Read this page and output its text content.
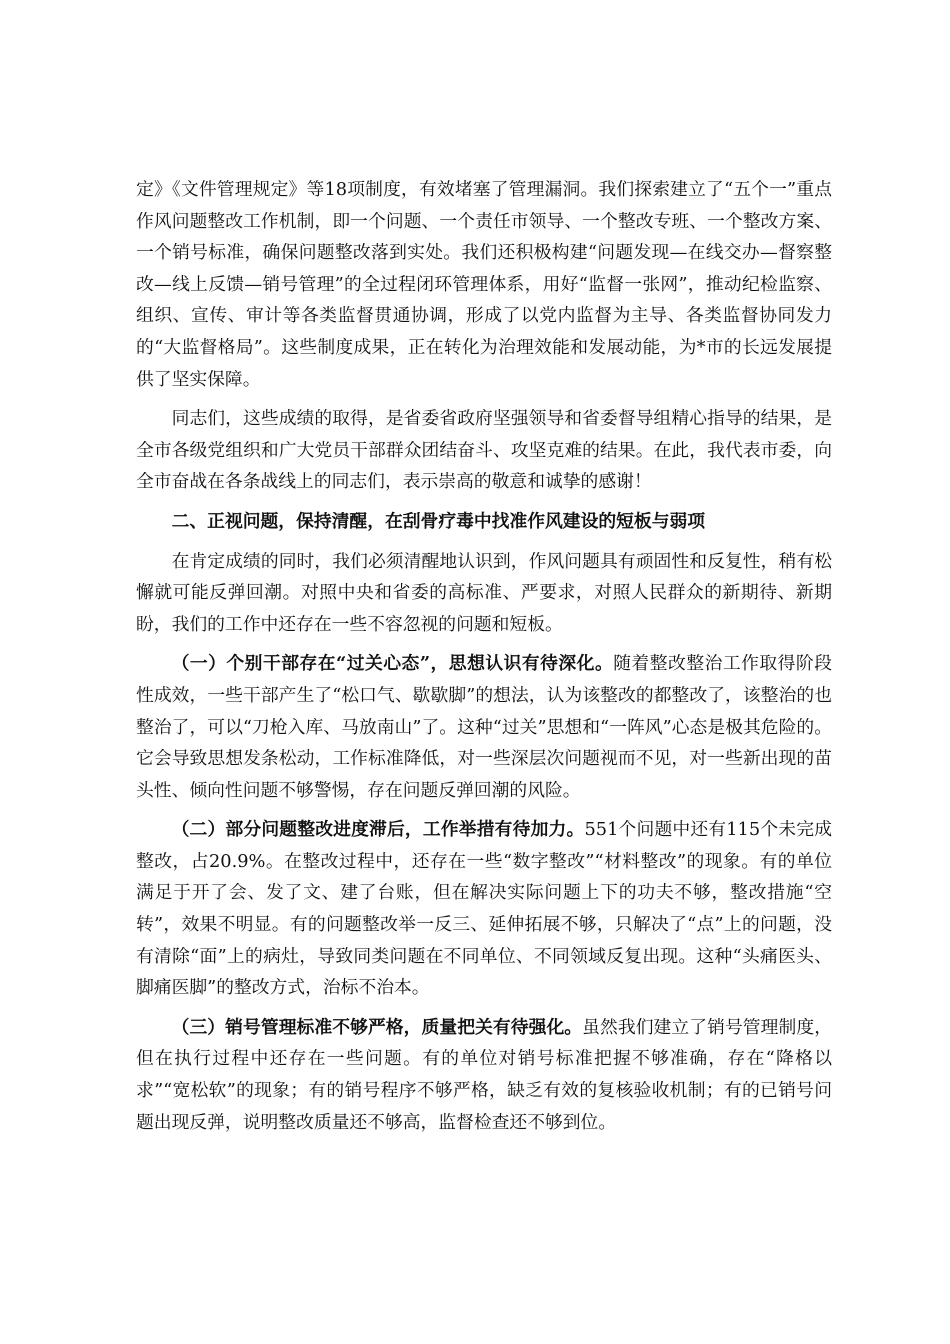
定》《文件管理规定》等18项制度，有效堵塞了管理漏洞。我们探索建立了“五个一”重点作风问题整改工作机制，即一个问题、一个责任市领导、一个整改专班、一个整改方案、一个销号标准，确保问题整改落到实处。我们还积极构建“问题发现—在线交办—督察整改—线上反馈—销号管理”的全过程闭环管理体系，用好“监督一张网”，推动纪检监察、组织、宣传、审计等各类监督贯通协调，形成了以党内监督为主导、各类监督协同发力的“大监督格局”。这些制度成果，正在转化为治理效能和发展动能，为*市的长远发展提供了坚实保障。

同志们，这些成绩的取得，是省委省政府坚强领导和省委督导组精心指导的结果，是全市各级党组织和广大党员干部群众团结奋斗、攻坚克难的结果。在此，我代表市委，向全市奋战在各条战线上的同志们，表示崇高的敬意和诚挚的感谢！

二、正视问题，保持清醒，在刮骨疗毒中找准作风建设的短板与弱项

在肯定成绩的同时，我们必须清醒地认识到，作风问题具有顽固性和反复性，稍有松懈就可能反弹回潮。对照中央和省委的高标准、严要求，对照人民群众的新期待、新期盼，我们的工作中还存在一些不容忽视的问题和短板。

（一）个别干部存在“过关心态”，思想认识有待深化。随着整改整治工作取得阶段性成效，一些干部产生了“松口气、歇歇脚”的想法，认为该整改的都整改了，该整治的也整治了，可以“刀枪入库、马放南山”了。这种“过关”思想和“一阵风”心态是极其危险的。它会导致思想发条松动，工作标准降低，对一些深层次问题视而不见，对一些新出现的苗头性、倾向性问题不够警惕，存在问题反弹回潮的风险。

（二）部分问题整改进度滞后，工作举措有待加力。551个问题中还有115个未完成整改，占20.9%。在整改过程中，还存在一些“数字整改”“材料整改”的现象。有的单位满足于开了会、发了文、建了台账，但在解决实际问题上下的功夫不够，整改措施“空转”，效果不明显。有的问题整改举一反三、延伸拓展不够，只解决了“点”上的问题，没有清除“面”上的病灶，导致同类问题在不同单位、不同领域反复出现。这种“头痛医头、脚痛医脚”的整改方式，治标不治本。

（三）销号管理标准不够严格，质量把关有待强化。虽然我们建立了销号管理制度，但在执行过程中还存在一些问题。有的单位对销号标准把握不够准确，存在“降格以求”“宽松软”的现象；有的销号程序不够严格，缺乏有效的复核验收机制；有的已销号问题出现反弹，说明整改质量还不够高，监督检查还不够到位。
